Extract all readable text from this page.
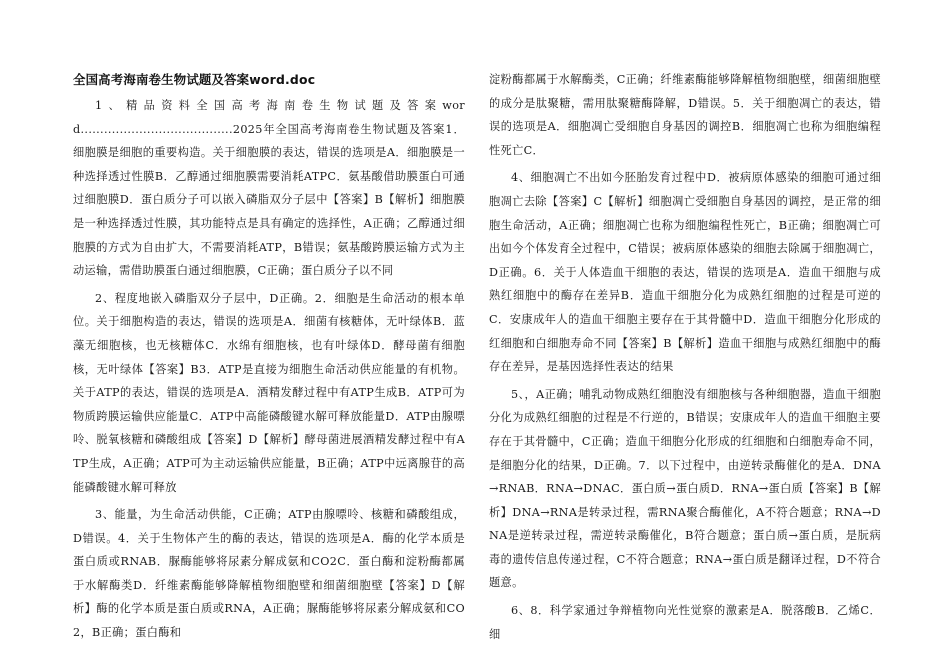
全国高考海南卷生物试题及答案word.doc

1、精品资料全国高考海南卷生物试题及答案word.......................................2025年全国高考海南卷生物试题及答案1．细胞膜是细胞的重要构造。关于细胞膜的表达，错误的选项是A．细胞膜是一种选择透过性膜B．乙醇通过细胞膜需要消耗ATPC．氨基酸借助膜蛋白可通过细胞膜D．蛋白质分子可以嵌入磷脂双分子层中【答案】B【解析】细胞膜是一种选择透过性膜，其功能特点是具有确定的选择性，A正确；乙醇通过细胞膜的方式为自由扩大，不需要消耗ATP，B错误；氨基酸跨膜运输方式为主动运输，需借助膜蛋白通过细胞膜，C正确；蛋白质分子以不同

2、程度地嵌入磷脂双分子层中，D正确。2．细胞是生命活动的根本单位。关于细胞构造的表达，错误的选项是A．细菌有核糖体，无叶绿体B．蓝藻无细胞核，也无核糖体C．水绵有细胞核，也有叶绿体D．酵母菌有细胞核，无叶绿体【答案】B3．ATP是直接为细胞生命活动供应能量的有机物。关于ATP的表达，错误的选项是A．酒精发酵过程中有ATP生成B．ATP可为物质跨膜运输供应能量C．ATP中高能磷酸键水解可释放能量D．ATP由腺嘌呤、脱氧核糖和磷酸组成【答案】D【解析】酵母菌进展酒精发酵过程中有ATP生成，A正确；ATP可为主动运输供应能量，B正确；ATP中远离腺苷的高能磷酸键水解可释放

3、能量，为生命活动供能，C正确；ATP由腺嘌呤、核糖和磷酸组成，D错误。4．关于生物体产生的酶的表达，错误的选项是A．酶的化学本质是蛋白质或RNAB．脲酶能够将尿素分解成氨和CO2C．蛋白酶和淀粉酶都属于水解酶类D．纤维素酶能够降解植物细胞壁和细菌细胞壁【答案】D【解析】酶的化学本质是蛋白质或RNA，A正确；脲酶能够将尿素分解成氨和CO2，B正确；蛋白酶和

淀粉酶都属于水解酶类，C正确；纤维素酶能够降解植物细胞壁，细菌细胞壁的成分是肽聚糖，需用肽聚糖酶降解，D错误。5．关于细胞凋亡的表达，错误的选项是A．细胞凋亡受细胞自身基因的调控B．细胞凋亡也称为细胞编程性死亡C．

4、细胞凋亡不出如今胚胎发育过程中D．被病原体感染的细胞可通过细胞凋亡去除【答案】C【解析】细胞凋亡受细胞自身基因的调控，是正常的细胞生命活动，A正确；细胞凋亡也称为细胞编程性死亡，B正确；细胞凋亡可出如今个体发育全过程中，C错误；被病原体感染的细胞去除属于细胞凋亡，D正确。6．关于人体造血干细胞的表达，错误的选项是A．造血干细胞与成熟红细胞中的酶存在差异B．造血干细胞分化为成熟红细胞的过程是可逆的C．安康成年人的造血干细胞主要存在于其骨髓中D．造血干细胞分化形成的红细胞和白细胞寿命不同【答案】B【解析】造血干细胞与成熟红细胞中的酶存在差异，是基因选择性表达的结果

5、，A正确；哺乳动物成熟红细胞没有细胞核与各种细胞器，造血干细胞分化为成熟红细胞的过程是不行逆的，B错误；安康成年人的造血干细胞主要存在于其骨髓中，C正确；造血干细胞分化形成的红细胞和白细胞寿命不同，是细胞分化的结果，D正确。7．以下过程中，由逆转录酶催化的是A．DNA→RNAB．RNA→DNAC．蛋白质→蛋白质D．RNA→蛋白质【答案】B【解析】DNA→RNA是转录过程，需RNA聚合酶催化，A不符合题意；RNA→DNA是逆转录过程，需逆转录酶催化，B符合题意；蛋白质→蛋白质，是朊病毒的遗传信息传递过程，C不符合题意；RNA→蛋白质是翻译过程，D不符合题意。

6、8．科学家通过争辩植物向光性觉察的激素是A．脱落酸B．乙烯C．细
